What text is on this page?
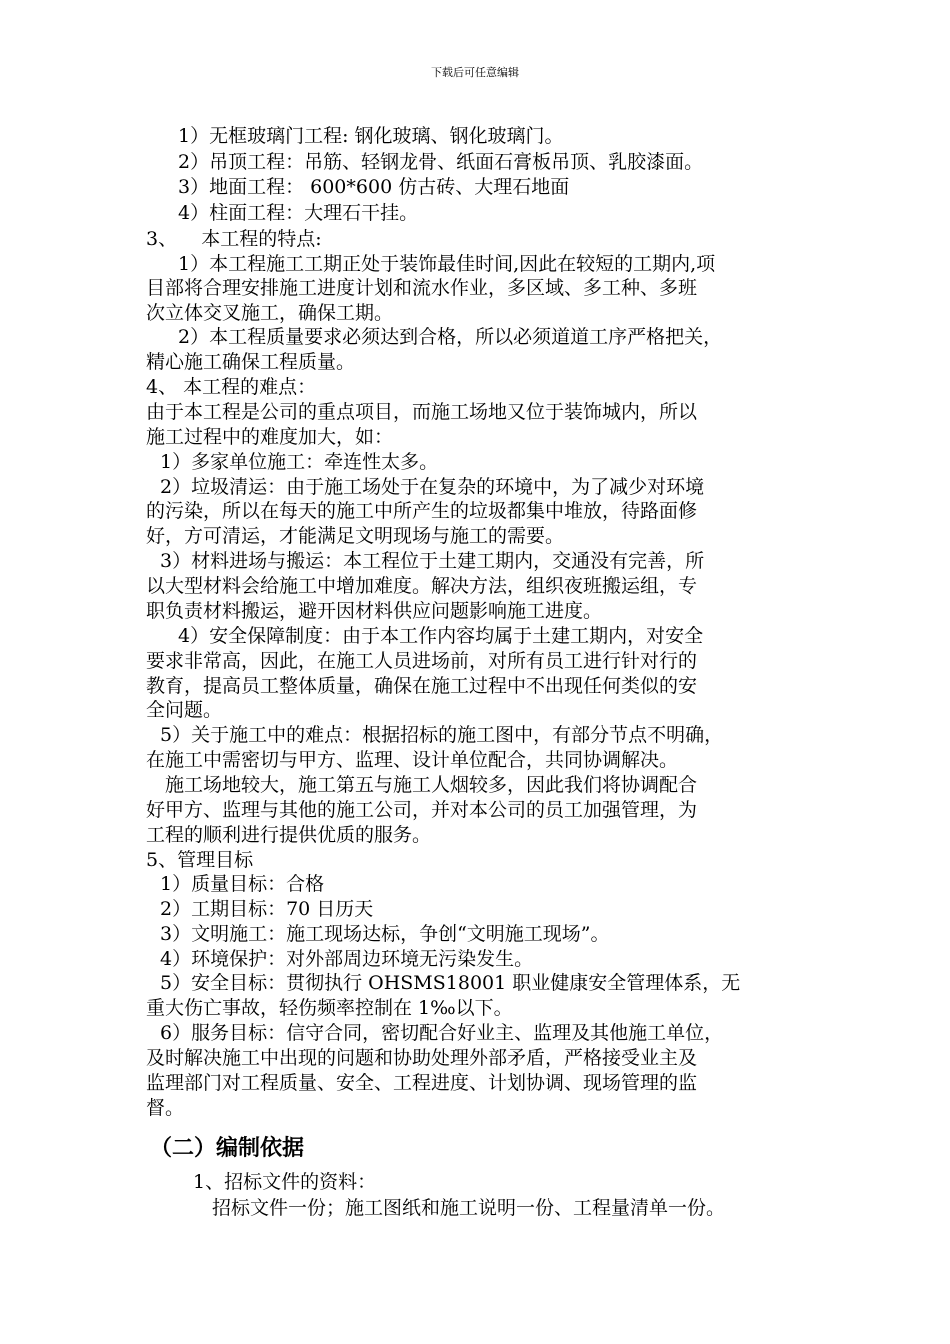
下载后可任意编辑
1）无框玻璃门工程: 钢化玻璃、钢化玻璃门。
2）吊顶工程：吊筋、轻钢龙骨、纸面石膏板吊顶、乳胶漆面。
3）地面工程： 600*600 仿古砖、大理石地面
4）柱面工程：大理石干挂。
3、    本工程的特点:
1）本工程施工工期正处于装饰最佳时间,因此在较短的工期内,项
目部将合理安排施工进度计划和流水作业，多区域、多工种、多班
次立体交叉施工，确保工期。
2）本工程质量要求必须达到合格，所以必须道道工序严格把关，
精心施工确保工程质量。
4、 本工程的难点：
由于本工程是公司的重点项目，而施工场地又位于装饰城内，所以
施工过程中的难度加大，如：
1）多家单位施工：牵连性太多。
2）垃圾清运：由于施工场处于在复杂的环境中，为了减少对环境
的污染，所以在每天的施工中所产生的垃圾都集中堆放，待路面修
好，方可清运，才能满足文明现场与施工的需要。
3）材料进场与搬运：本工程位于土建工期内，交通没有完善，所
以大型材料会给施工中增加难度。解决方法，组织夜班搬运组，专
职负责材料搬运，避开因材料供应问题影响施工进度。
4）安全保障制度：由于本工作内容均属于土建工期内，对安全
要求非常高，因此，在施工人员进场前，对所有员工进行针对行的
教育，提高员工整体质量，确保在施工过程中不出现任何类似的安
全问题。
5）关于施工中的难点：根据招标的施工图中，有部分节点不明确，
在施工中需密切与甲方、监理、设计单位配合，共同协调解决。
施工场地较大，施工第五与施工人烟较多，因此我们将协调配合
好甲方、监理与其他的施工公司，并对本公司的员工加强管理，为
工程的顺利进行提供优质的服务。
5、管理目标
1）质量目标：合格
2）工期目标：70 日历天
3）文明施工：施工现场达标，争创“文明施工现场”。
4）环境保护：对外部周边环境无污染发生。
5）安全目标：贯彻执行 OHSMS18001 职业健康安全管理体系，无
重大伤亡事故，轻伤频率控制在 1‰以下。
6）服务目标：信守合同，密切配合好业主、监理及其他施工单位，
及时解决施工中出现的问题和协助处理外部矛盾，严格接受业主及
监理部门对工程质量、安全、工程进度、计划协调、现场管理的监
督。
（二）编制依据
1、招标文件的资料：
招标文件一份；施工图纸和施工说明一份、工程量清单一份。
